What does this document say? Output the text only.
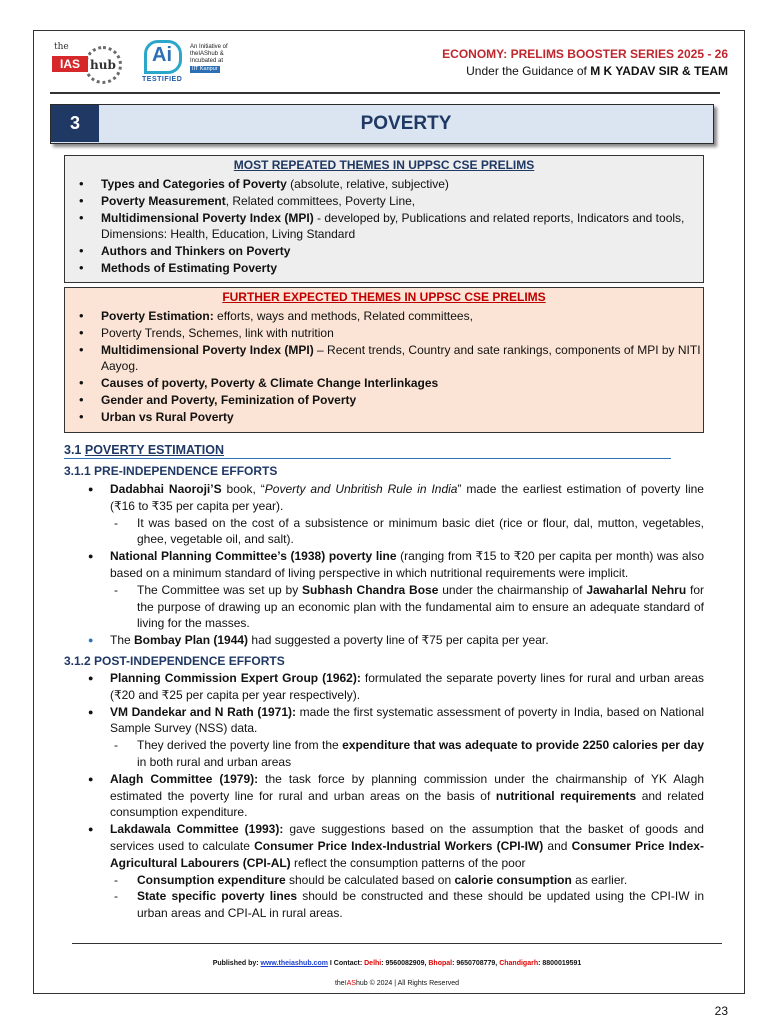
the
IAS hub Ai
TESTIFIED
An Initiative of theIAShub & Incubated at
IIT Kanpur
ECONOMY: PRELIMS BOOSTER SERIES 2025 - 26
Under the Guidance of M K YADAV SIR & TEAM
3	POVERTY
MOST REPEATED THEMES IN UPPSC CSE PRELIMS
• Types and Categories of Poverty (absolute, relative, subjective)
• Poverty Measurement, Related committees, Poverty Line,
• Multidimensional Poverty Index (MPI) - developed by, Publications and related reports, Indicators and tools, Dimensions: Health, Education, Living Standard
• Authors and Thinkers on Poverty
• Methods of Estimating Poverty
FURTHER EXPECTED THEMES IN UPPSC CSE PRELIMS
• Poverty Estimation: efforts, ways and methods, Related committees,
• Poverty Trends, Schemes, link with nutrition
• Multidimensional Poverty Index (MPI) – Recent trends, Country and sate rankings, components of MPI by NITI Aayog.
• Causes of poverty, Poverty & Climate Change Interlinkages
• Gender and Poverty, Feminization of Poverty
• Urban vs Rural Poverty
3.1 POVERTY ESTIMATION
3.1.1 PRE-INDEPENDENCE EFFORTS
● Dadabhai Naoroji’S book, “Poverty and Unbritish Rule in India” made the earliest estimation of poverty line (₹16 to ₹35 per capita per year).
- It was based on the cost of a subsistence or minimum basic diet (rice or flour, dal, mutton, vegetables, ghee, vegetable oil, and salt).
● National Planning Committee’s (1938) poverty line (ranging from ₹15 to ₹20 per capita per month) was also based on a minimum standard of living perspective in which nutritional requirements were implicit.
- The Committee was set up by Subhash Chandra Bose under the chairmanship of Jawaharlal Nehru for the purpose of drawing up an economic plan with the fundamental aim to ensure an adequate standard of living for the masses.
● The Bombay Plan (1944) had suggested a poverty line of ₹75 per capita per year.
3.1.2 POST-INDEPENDENCE EFFORTS
● Planning Commission Expert Group (1962): formulated the separate poverty lines for rural and urban areas (₹20 and ₹25 per capita per year respectively).
● VM Dandekar and N Rath (1971): made the first systematic assessment of poverty in India, based on National Sample Survey (NSS) data.
- They derived the poverty line from the expenditure that was adequate to provide 2250 calories per day in both rural and urban areas
● Alagh Committee (1979): the task force by planning commission under the chairmanship of YK Alagh estimated the poverty line for rural and urban areas on the basis of nutritional requirements and related consumption expenditure.
● Lakdawala Committee (1993): gave suggestions based on the assumption that the basket of goods and services used to calculate Consumer Price Index-Industrial Workers (CPI-IW) and Consumer Price Index- Agricultural Labourers (CPI-AL) reflect the consumption patterns of the poor
- Consumption expenditure should be calculated based on calorie consumption as earlier.
- State specific poverty lines should be constructed and these should be updated using the CPI-IW in urban areas and CPI-AL in rural areas.
Published by: www.theiashub.com I Contact: Delhi: 9560082909, Bhopal: 9650708779, Chandigarh: 8800019591
theIAShub © 2024 | All Rights Reserved
23
